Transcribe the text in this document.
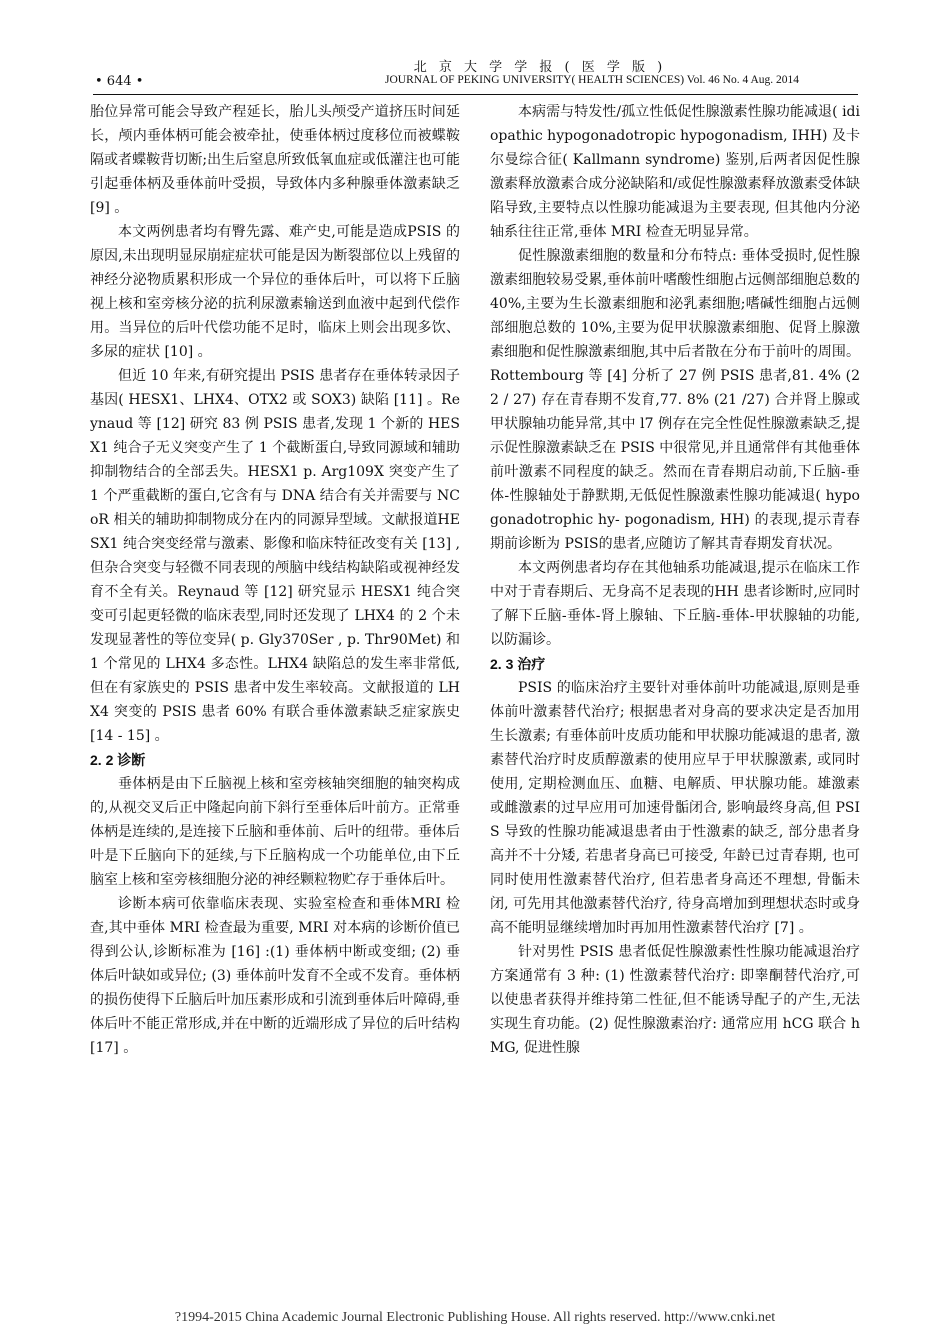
北 京 大 学 学 报 ( 医 学 版 )
• 644 •	JOURNAL OF PEKING UNIVERSITY( HEALTH SCIENCES) Vol. 46 No. 4 Aug. 2014

胎位异常可能会导致产程延长，胎儿头颅受产道挤压时间延长，颅内垂体柄可能会被牵扯，使垂体柄过度移位而被蝶鞍隔或者蝶鞍背切断;出生后窒息所致低氧血症或低灌注也可能引起垂体柄及垂体前叶受损，导致体内多种腺垂体激素缺乏 [9] 。

本文两例患者均有臀先露、难产史,可能是造成PSIS 的原因,未出现明显尿崩症症状可能是因为断裂部位以上残留的神经分泌物质累积形成一个异位的垂体后叶，可以将下丘脑视上核和室旁核分泌的抗利尿激素输送到血液中起到代偿作用。当异位的后叶代偿功能不足时，临床上则会出现多饮、多尿的症状 [10] 。

但近 10 年来,有研究提出 PSIS 患者存在垂体转录因子基因( HESX1、LHX4、OTX2 或 SOX3) 缺陷 [11] 。Reynaud 等 [12] 研究 83 例 PSIS 患者,发现 1 个新的 HESX1 纯合子无义突变产生了 1 个截断蛋白,导致同源域和辅助抑制物结合的全部丢失。HESX1 p. Arg109X 突变产生了 1 个严重截断的蛋白,它含有与 DNA 结合有关并需要与 NCoR 相关的辅助抑制物成分在内的同源异型域。文献报道HESX1 纯合突变经常与激素、影像和临床特征改变有关 [13] ,但杂合突变与轻微不同表现的颅脑中线结构缺陷或视神经发育不全有关。Reynaud 等 [12] 研究显示 HESX1 纯合突变可引起更轻微的临床表型,同时还发现了 LHX4 的 2 个未发现显著性的等位变异( p. Gly370Ser , p. Thr90Met) 和 1 个常见的 LHX4 多态性。LHX4 缺陷总的发生率非常低,但在有家族史的 PSIS 患者中发生率较高。文献报道的 LHX4 突变的 PSIS 患者 60% 有联合垂体激素缺乏症家族史 [14 - 15] 。

2. 2 诊断

垂体柄是由下丘脑视上核和室旁核轴突细胞的轴突构成的,从视交叉后正中隆起向前下斜行至垂体后叶前方。正常垂体柄是连续的,是连接下丘脑和垂体前、后叶的纽带。垂体后叶是下丘脑向下的延续,与下丘脑构成一个功能单位,由下丘脑室上核和室旁核细胞分泌的神经颗粒物贮存于垂体后叶。

诊断本病可依靠临床表现、实验室检查和垂体MRI 检查,其中垂体 MRI 检查最为重要, MRI 对本病的诊断价值已得到公认,诊断标准为 [16] :(1) 垂体柄中断或变细; (2) 垂体后叶缺如或异位; (3) 垂体前叶发育不全或不发育。垂体柄的损伤使得下丘脑后叶加压素形成和引流到垂体后叶障碍,垂体后叶不能正常形成,并在中断的近端形成了异位的后叶结构 [17] 。

本病需与特发性/孤立性低促性腺激素性腺功能减退( idiopathic hypogonadotropic hypogonadism, IHH) 及卡尔曼综合征( Kallmann syndrome) 鉴别,后两者因促性腺激素释放激素合成分泌缺陷和/或促性腺激素释放激素受体缺陷导致,主要特点以性腺功能减退为主要表现, 但其他内分泌轴系往往正常,垂体 MRI 检查无明显异常。

促性腺激素细胞的数量和分布特点: 垂体受损时,促性腺激素细胞较易受累,垂体前叶嗜酸性细胞占远侧部细胞总数的 40%,主要为生长激素细胞和泌乳素细胞;嗜碱性细胞占远侧部细胞总数的 10%,主要为促甲状腺激素细胞、促肾上腺激素细胞和促性腺激素细胞,其中后者散在分布于前叶的周围。Rottembourg 等 [4] 分析了 27 例 PSIS 患者,81. 4% (22 / 27) 存在青春期不发育,77. 8% (21 /27) 合并肾上腺或甲状腺轴功能异常,其中 l7 例存在完全性促性腺激素缺乏,提示促性腺激素缺乏在 PSIS 中很常见,并且通常伴有其他垂体前叶激素不同程度的缺乏。然而在青春期启动前,下丘脑-垂体-性腺轴处于静默期,无低促性腺激素性腺功能减退( hypogonadotrophic hy- pogonadism, HH) 的表现,提示青春期前诊断为 PSIS的患者,应随访了解其青春期发育状况。

本文两例患者均存在其他轴系功能减退,提示在临床工作中对于青春期后、无身高不足表现的HH 患者诊断时,应同时了解下丘脑-垂体-肾上腺轴、下丘脑-垂体-甲状腺轴的功能,以防漏诊。

2. 3 治疗

PSIS 的临床治疗主要针对垂体前叶功能减退,原则是垂体前叶激素替代治疗; 根据患者对身高的要求决定是否加用生长激素; 有垂体前叶皮质功能和甲状腺功能减退的患者, 激素替代治疗时皮质醇激素的使用应早于甲状腺激素, 或同时使用, 定期检测血压、血糖、电解质、甲状腺功能。雄激素或雌激素的过早应用可加速骨骺闭合, 影响最终身高,但 PSIS 导致的性腺功能减退患者由于性激素的缺乏, 部分患者身高并不十分矮, 若患者身高已可接受, 年龄已过青春期, 也可同时使用性激素替代治疗, 但若患者身高还不理想, 骨骺未闭, 可先用其他激素替代治疗, 待身高增加到理想状态时或身高不能明显继续增加时再加用性激素替代治疗 [7] 。

针对男性 PSIS 患者低促性腺激素性性腺功能减退治疗方案通常有 3 种: (1) 性激素替代治疗: 即睾酮替代治疗,可以使患者获得并维持第二性征,但不能诱导配子的产生,无法实现生育功能。(2) 促性腺激素治疗: 通常应用 hCG 联合 hMG, 促进性腺

?1994-2015 China Academic Journal Electronic Publishing House. All rights reserved. http://www.cnki.net
